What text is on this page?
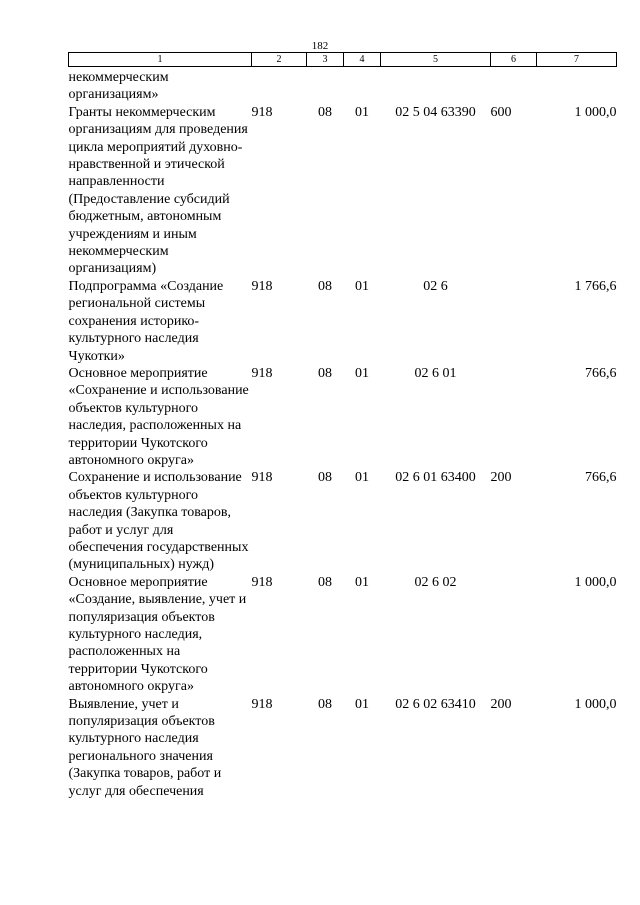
182
1	2	3	4	5	6	7
некоммерческим организациям»						
Гранты некоммерческим организациям для проведения цикла мероприятий духовно-нравственной и этической направленности (Предоставление субсидий бюджетным, автономным учреждениям и иным некоммерческим организациям)	918	08	01	02 5 04 63390	600	1 000,0
Подпрограмма «Создание региональной системы сохранения историко-культурного наследия Чукотки»	918	08	01	02 6		1 766,6
Основное мероприятие «Сохранение и использование объектов культурного наследия, расположенных на территории Чукотского автономного округа»	918	08	01	02 6 01		766,6
Сохранение и использование объектов культурного наследия (Закупка товаров, работ и услуг для обеспечения государственных (муниципальных) нужд)	918	08	01	02 6 01 63400	200	766,6
Основное мероприятие «Создание, выявление, учет и популяризация объектов культурного наследия, расположенных на территории Чукотского автономного округа»	918	08	01	02 6 02		1 000,0
Выявление, учет и популяризация объектов культурного наследия регионального значения (Закупка товаров, работ и услуг для обеспечения	918	08	01	02 6 02 63410	200	1 000,0
